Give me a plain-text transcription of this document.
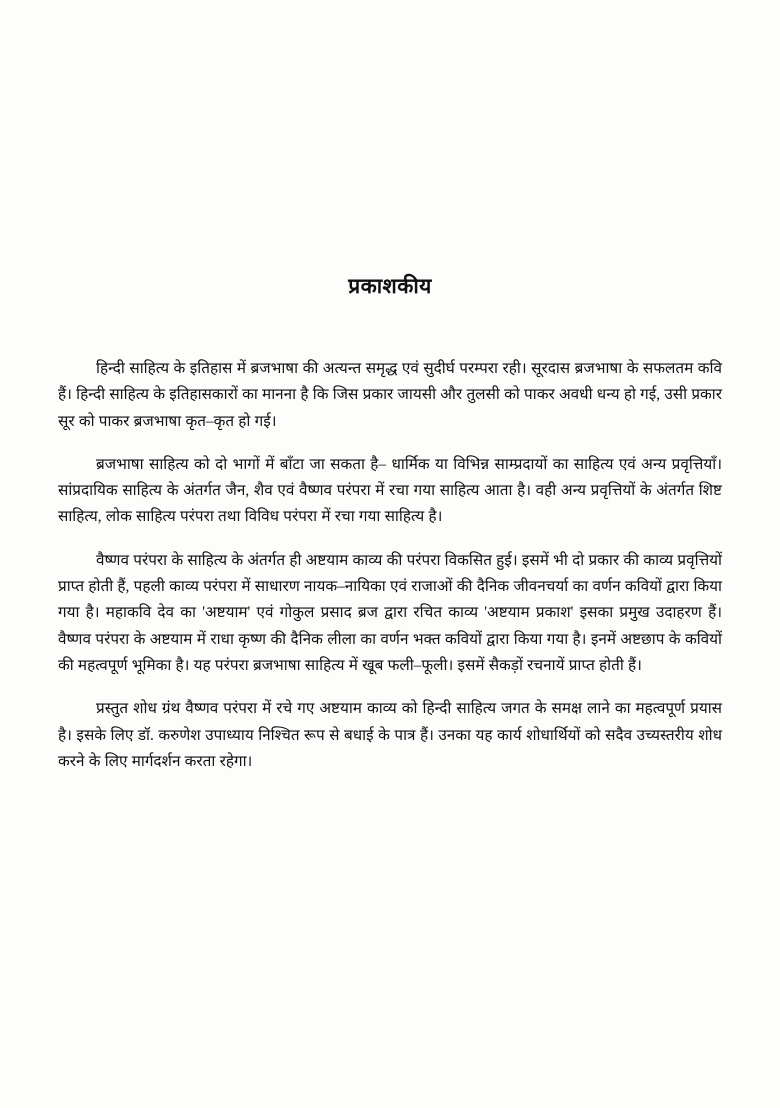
प्रकाशकीय

हिन्दी साहित्य के इतिहास में ब्रजभाषा की अत्यन्त समृद्ध एवं सुदीर्घ परम्परा रही। सूरदास ब्रजभाषा के सफलतम कवि हैं। हिन्दी साहित्य के इतिहासकारों का मानना है कि जिस प्रकार जायसी और तुलसी को पाकर अवधी धन्य हो गई, उसी प्रकार सूर को पाकर ब्रजभाषा कृत–कृत हो गई।

ब्रजभाषा साहित्य को दो भागों में बाँटा जा सकता है– धार्मिक या विभिन्न साम्प्रदायों का साहित्य एवं अन्य प्रवृत्तियाँ। सांप्रदायिक साहित्य के अंतर्गत जैन, शैव एवं वैष्णव परंपरा में रचा गया साहित्य आता है। वही अन्य प्रवृत्तियों के अंतर्गत शिष्ट साहित्य, लोक साहित्य परंपरा तथा विविध परंपरा में रचा गया साहित्य है।

वैष्णव परंपरा के साहित्य के अंतर्गत ही अष्टयाम काव्य की परंपरा विकसित हुई। इसमें भी दो प्रकार की काव्य प्रवृत्तियों प्राप्त होती हैं, पहली काव्य परंपरा में साधारण नायक–नायिका एवं राजाओं की दैनिक जीवनचर्या का वर्णन कवियों द्वारा किया गया है। महाकवि देव का 'अष्टयाम' एवं गोकुल प्रसाद ब्रज द्वारा रचित काव्य 'अष्टयाम प्रकाश' इसका प्रमुख उदाहरण हैं। वैष्णव परंपरा के अष्टयाम में राधा कृष्ण की दैनिक लीला का वर्णन भक्त कवियों द्वारा किया गया है। इनमें अष्टछाप के कवियों की महत्वपूर्ण भूमिका है। यह परंपरा ब्रजभाषा साहित्य में खूब फली–फूली। इसमें सैकड़ों रचनायें प्राप्त होती हैं।

प्रस्तुत शोध ग्रंथ वैष्णव परंपरा में रचे गए अष्टयाम काव्य को हिन्दी साहित्य जगत के समक्ष लाने का महत्वपूर्ण प्रयास है। इसके लिए डॉ. करुणेश उपाध्याय निश्चित रूप से बधाई के पात्र हैं। उनका यह कार्य शोधार्थियों को सदैव उच्यस्तरीय शोध करने के लिए मार्गदर्शन करता रहेगा।
